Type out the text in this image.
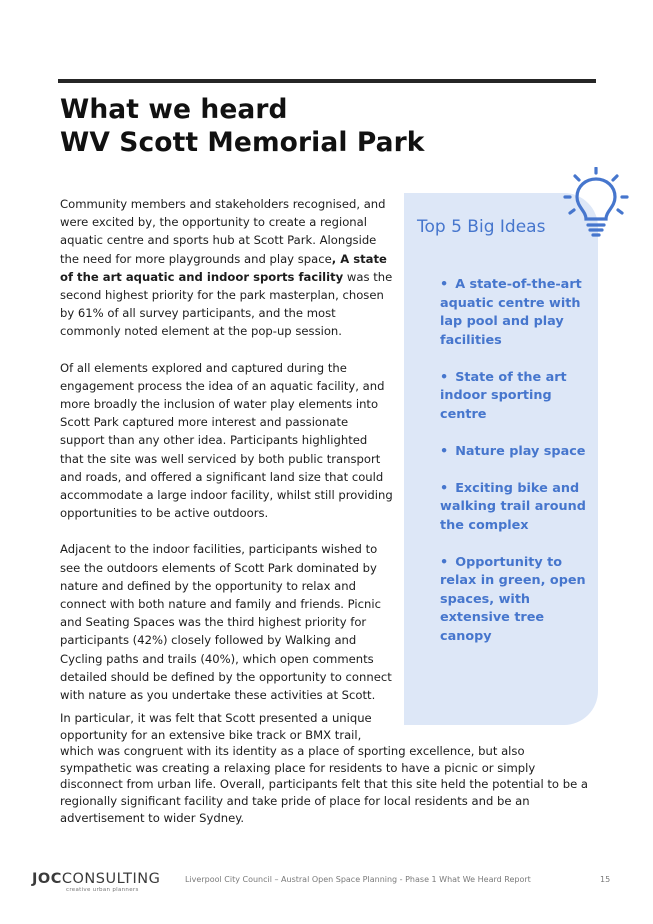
What we heard
WV Scott Memorial Park
Top 5 Big Ideas
• A state-of-the-art aquatic centre with lap pool and play facilities
• State of the art indoor sporting centre
• Nature play space
• Exciting bike and walking trail around the complex
• Opportunity to relax in green, open spaces, with extensive tree canopy

Community members and stakeholders recognised, and were excited by, the opportunity to create a regional aquatic centre and sports hub at Scott Park. Alongside the need for more playgrounds and play space, A state of the art aquatic and indoor sports facility was the second highest priority for the park masterplan, chosen by 61% of all survey participants, and the most commonly noted element at the pop-up session.

Of all elements explored and captured during the engagement process the idea of an aquatic facility, and more broadly the inclusion of water play elements into Scott Park captured more interest and passionate support than any other idea. Participants highlighted that the site was well serviced by both public transport and roads, and offered a significant land size that could accommodate a large indoor facility, whilst still providing opportunities to be active outdoors.

Adjacent to the indoor facilities, participants wished to see the outdoors elements of Scott Park dominated by nature and defined by the opportunity to relax and connect with both nature and family and friends. Picnic and Seating Spaces was the third highest priority for participants (42%) closely followed by Walking and Cycling paths and trails (40%), which open comments detailed should be defined by the opportunity to connect with nature as you undertake these activities at Scott.

In particular, it was felt that Scott presented a unique opportunity for an extensive bike track or BMX trail,
which was congruent with its identity as a place of sporting excellence, but also sympathetic was creating a relaxing place for residents to have a picnic or simply disconnect from urban life. Overall, participants felt that this site held the potential to be a regionally significant facility and take pride of place for local residents and be an advertisement to wider Sydney.
JOCCONSULTING
creative urban planners
Liverpool City Council – Austral Open Space Planning - Phase 1 What We Heard Report	15
